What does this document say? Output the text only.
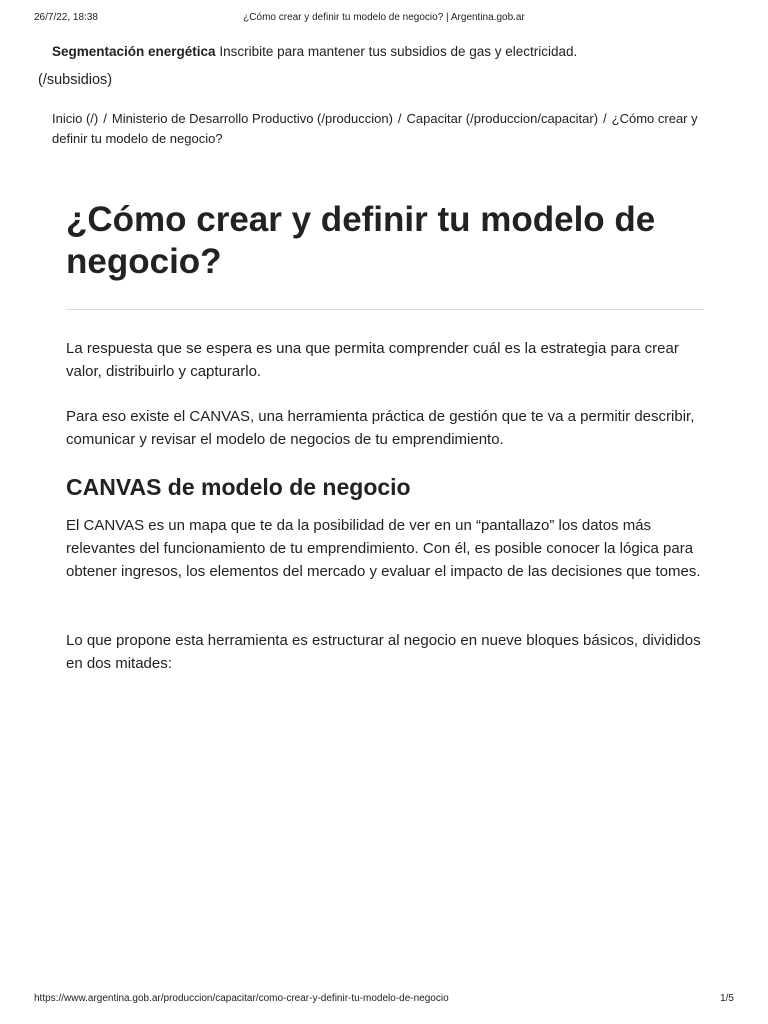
26/7/22, 18:38	¿Cómo crear y definir tu modelo de negocio? | Argentina.gob.ar
Segmentación energética Inscribite para mantener tus subsidios de gas y electricidad.
(/subsidios)
Inicio (/) / Ministerio de Desarrollo Productivo (/produccion) / Capacitar (/produccion/capacitar) / ¿Cómo crear y definir tu modelo de negocio?
¿Cómo crear y definir tu modelo de negocio?

La respuesta que se espera es una que permita comprender cuál es la estrategia para crear valor, distribuirlo y capturarlo.

Para eso existe el CANVAS, una herramienta práctica de gestión que te va a permitir describir, comunicar y revisar el modelo de negocios de tu emprendimiento.

CANVAS de modelo de negocio

El CANVAS es un mapa que te da la posibilidad de ver en un “pantallazo” los datos más relevantes del funcionamiento de tu emprendimiento. Con él, es posible conocer la lógica para obtener ingresos, los elementos del mercado y evaluar el impacto de las decisiones que tomes.

Lo que propone esta herramienta es estructurar al negocio en nueve bloques básicos, divididos en dos mitades:

https://www.argentina.gob.ar/produccion/capacitar/como-crear-y-definir-tu-modelo-de-negocio	1/5
